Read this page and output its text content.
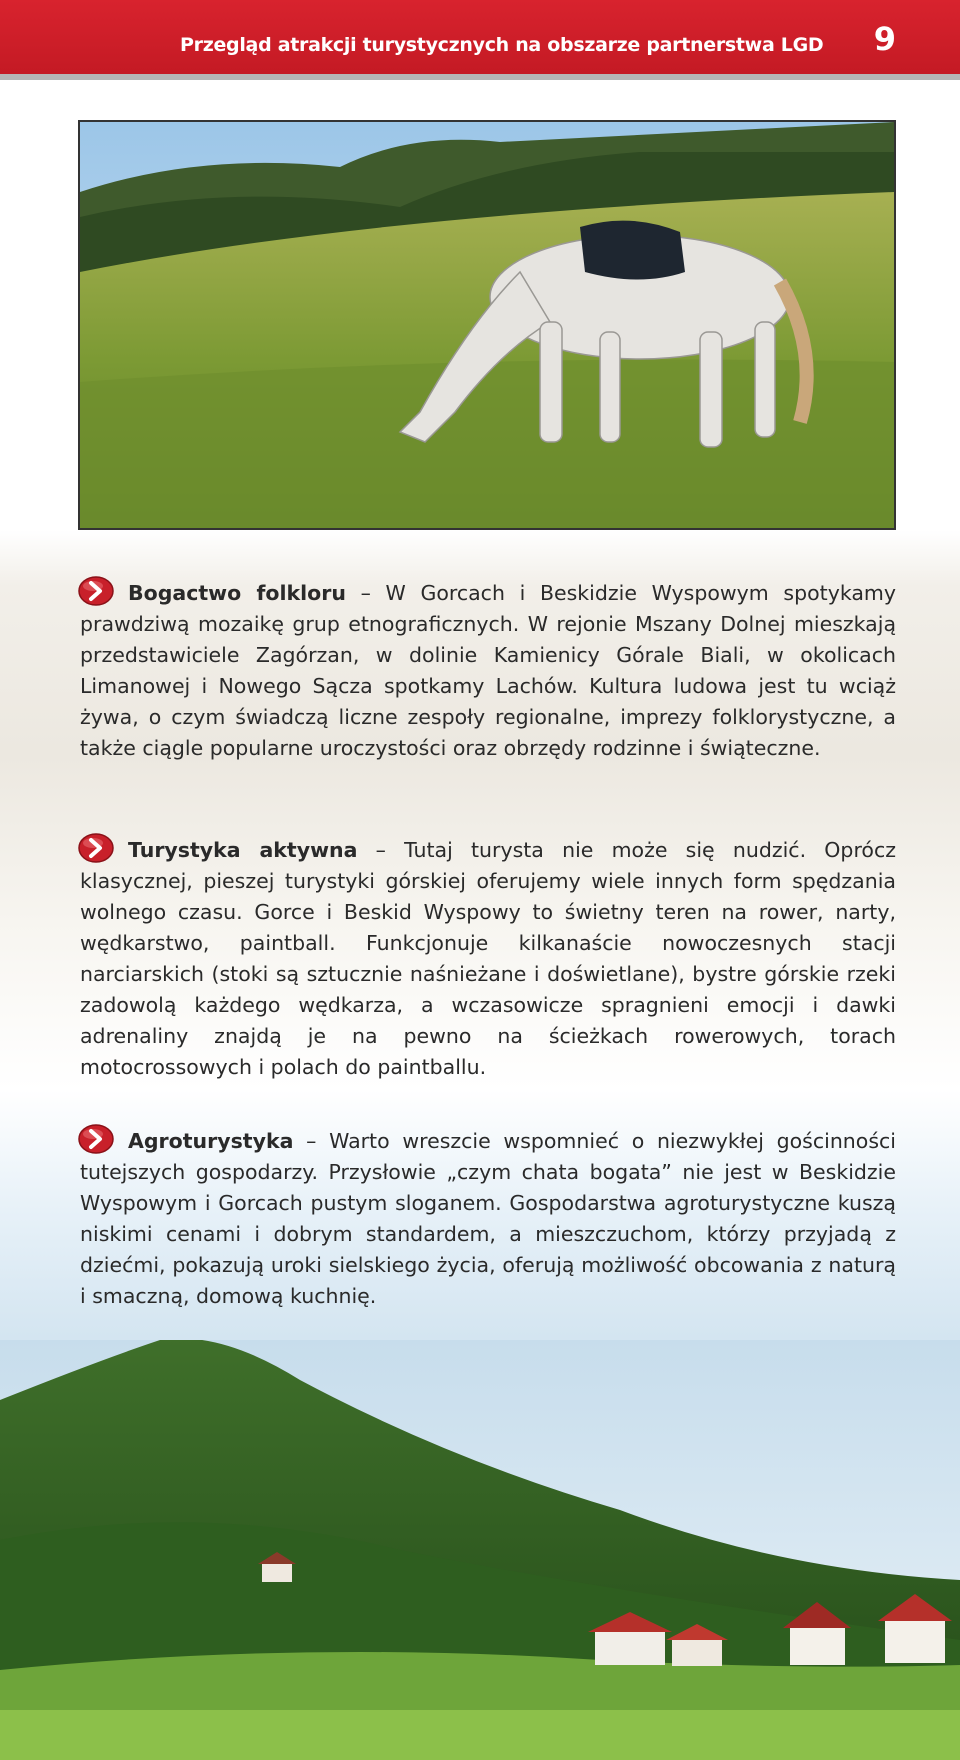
Przegląd atrakcji turystycznych na obszarze partnerstwa LGD 9
Bogactwo folkloru – W Gorcach i Beskidzie Wyspowym spotykamy prawdziwą mozaikę grup etnograficznych. W rejonie Mszany Dolnej mieszkają przedstawiciele Zagórzan, w dolinie Kamienicy Górale Biali, w okolicach Limanowej i Nowego Sącza spotkamy Lachów. Kultura ludowa jest tu wciąż żywa, o czym świadczą liczne zespoły regionalne, imprezy folklorystyczne, a także ciągle popularne uroczystości oraz obrzędy rodzinne i świąteczne.
Turystyka aktywna – Tutaj turysta nie może się nudzić. Oprócz klasycznej, pieszej turystyki górskiej oferujemy wiele innych form spędzania wolnego czasu. Gorce i Beskid Wyspowy to świetny teren na rower, narty, wędkarstwo, paintball. Funkcjonuje kilkanaście nowoczesnych stacji narciarskich (stoki są sztucznie naśnieżane i doświetlane), bystre górskie rzeki zadowolą każdego wędkarza, a wczasowicze spragnieni emocji i dawki adrenaliny znajdą je na pewno na ścieżkach rowerowych, torach motocrossowych i polach do paintballu.
Agroturystyka – Warto wreszcie wspomnieć o niezwykłej gościnności tutejszych gospodarzy. Przysłowie „czym chata bogata” nie jest w Beskidzie Wyspowym i Gorcach pustym sloganem. Gospodarstwa agroturystyczne kuszą niskimi cenami i dobrym standardem, a mieszczuchom, którzy przyjadą z dziećmi, pokazują uroki sielskiego życia, oferują możliwość obcowania z naturą i smaczną, domową kuchnię.
